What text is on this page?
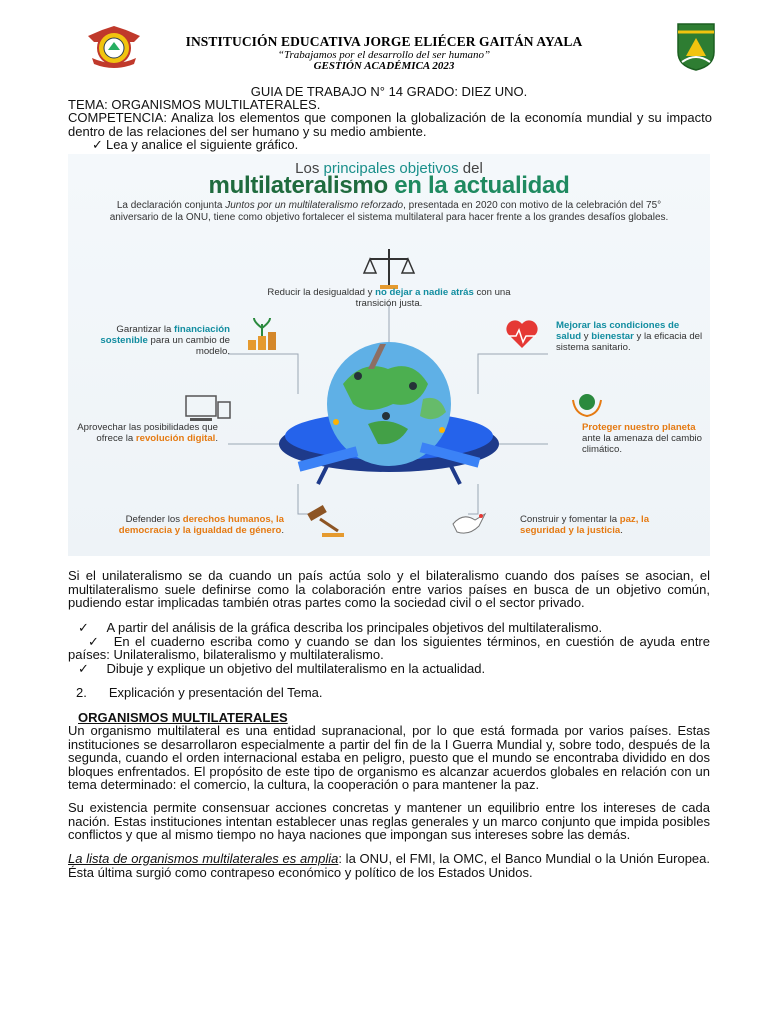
INSTITUCIÓN EDUCATIVA JORGE ELIÉCER GAITÁN AYALA
“Trabajamos por el desarrollo del ser humano”
GESTIÓN ACADÉMICA 2023
GUIA DE TRABAJO N° 14 GRADO: DIEZ UNO.
TEMA: ORGANISMOS MULTILATERALES.
COMPETENCIA: Analiza los elementos que componen la globalización de la economía mundial y su impacto dentro de las relaciones del ser humano y su medio ambiente.
✓ Lea y analice el siguiente gráfico.
Los principales objetivos del
multilateralismo en la actualidad
La declaración conjunta Juntos por un multilateralismo reforzado, presentada en 2020 con motivo de la celebración del 75° aniversario de la ONU, tiene como objetivo fortalecer el sistema multilateral para hacer frente a los grandes desafíos globales.
Reducir la desigualdad y no dejar a nadie atrás con una transición justa.
Garantizar la financiación sostenible para un cambio de modelo.
Mejorar las condiciones de salud y bienestar y la eficacia del sistema sanitario.
Aprovechar las posibilidades que ofrece la revolución digital.
Proteger nuestro planeta ante la amenaza del cambio climático.
Defender los derechos humanos, la democracia y la igualdad de género.
Construir y fomentar la paz, la seguridad y la justicia.
Si el unilateralismo se da cuando un país actúa solo y el bilateralismo cuando dos países se asocian, el multilateralismo suele definirse como la colaboración entre varios países en busca de un objetivo común, pudiendo estar implicadas también otras partes como la sociedad civil o el sector privado.
✓ A partir del análisis de la gráfica describa los principales objetivos del multilateralismo.
✓ En el cuaderno escriba como y cuando se dan los siguientes términos, en cuestión de ayuda entre países: Unilateralismo, bilateralismo y multilateralismo.
✓ Dibuje y explique un objetivo del multilateralismo en la actualidad.
2. Explicación y presentación del Tema.
ORGANISMOS MULTILATERALES
Un organismo multilateral es una entidad supranacional, por lo que está formada por varios países. Estas instituciones se desarrollaron especialmente a partir del fin de la I Guerra Mundial y, sobre todo, después de la segunda, cuando el orden internacional estaba en peligro, puesto que el mundo se encontraba dividido en dos bloques enfrentados. El propósito de este tipo de organismo es alcanzar acuerdos globales en relación con un tema determinado: el comercio, la cultura, la cooperación o para mantener la paz.
Su existencia permite consensuar acciones concretas y mantener un equilibrio entre los intereses de cada nación. Estas instituciones intentan establecer unas reglas generales y un marco conjunto que impida posibles conflictos y que al mismo tiempo no haya naciones que impongan sus intereses sobre las demás.
La lista de organismos multilaterales es amplia: la ONU, el FMI, la OMC, el Banco Mundial o la Unión Europea. Ésta última surgió como contrapeso económico y político de los Estados Unidos.
